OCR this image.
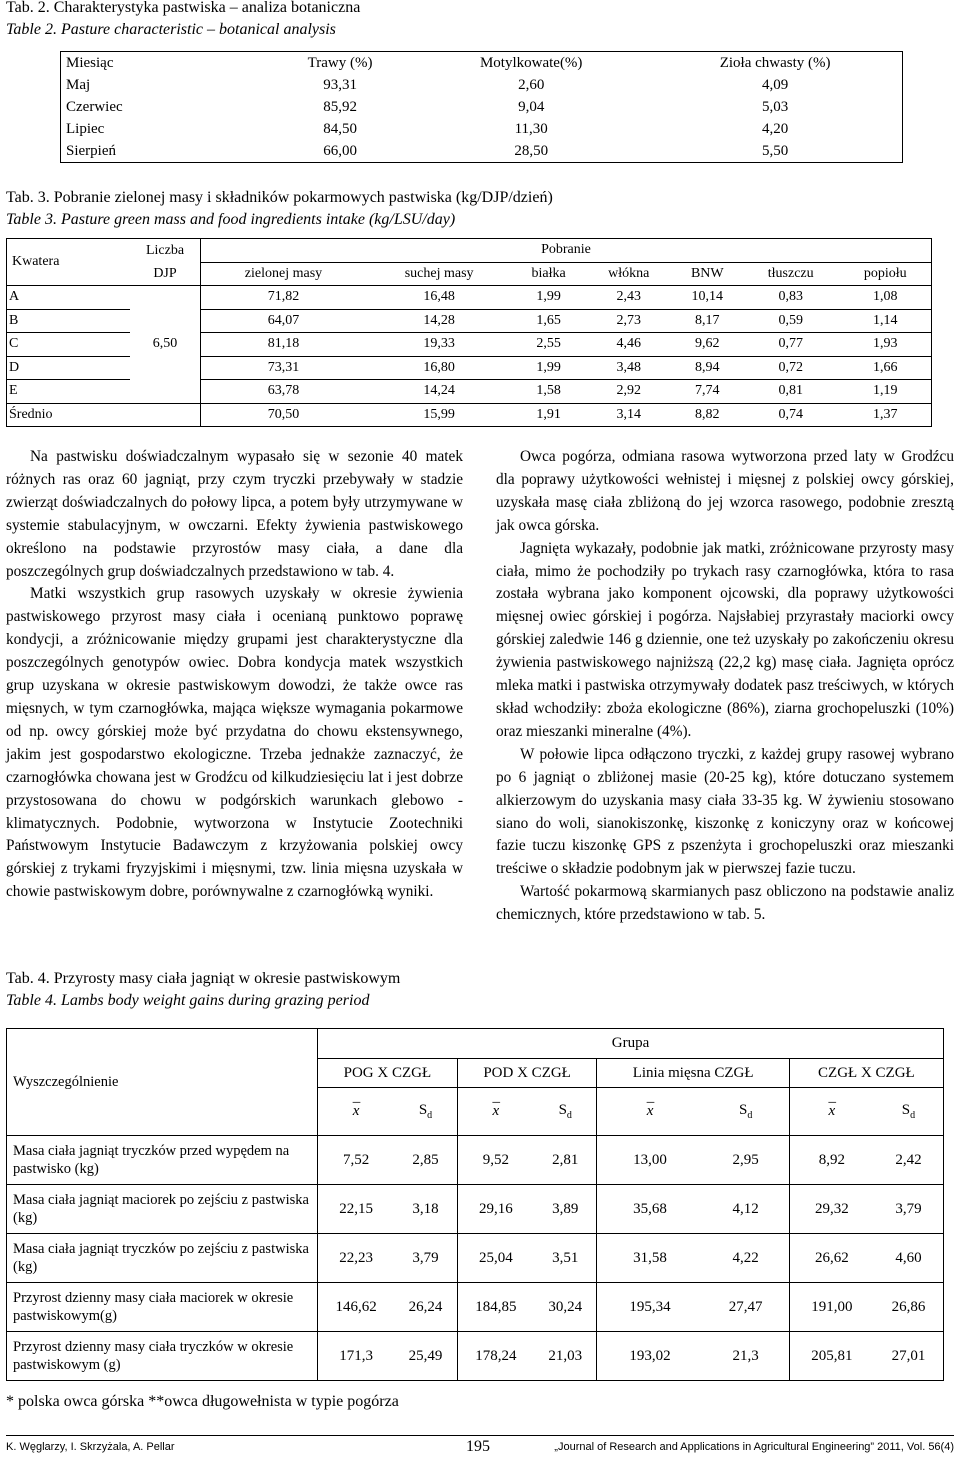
Tab. 2. Charakterystyka pastwiska – analiza botaniczna
Table 2. Pasture characteristic – botanical analysis
Miesiąc	Trawy (%)	Motylkowate(%)	Zioła chwasty (%)
Maj	93,31	2,60	4,09
Czerwiec	85,92	9,04	5,03
Lipiec	84,50	11,30	4,20
Sierpień	66,00	28,50	5,50
Tab. 3. Pobranie zielonej masy i składników pokarmowych pastwiska (kg/DJP/dzień)
Table 3. Pasture green mass and food ingredients intake (kg/LSU/day)
Kwatera	Liczba	Pobranie						
	DJP	zielonej masy	suchej masy	białka	włókna	BNW	tłuszczu	popiołu
A	6,50	71,82	16,48	1,99	2,43	10,14	0,83	1,08
B		64,07	14,28	1,65	2,73	8,17	0,59	1,14
C		81,18	19,33	2,55	4,46	9,62	0,77	1,93
D		73,31	16,80	1,99	3,48	8,94	0,72	1,66
E		63,78	14,24	1,58	2,92	7,74	0,81	1,19
Średnio		70,50	15,99	1,91	3,14	8,82	0,74	1,37

Na pastwisku doświadczalnym wypasało się w sezonie 40 matek różnych ras oraz 60 jagniąt, przy czym tryczki przebywały w stadzie zwierząt doświadczalnych do połowy lipca, a potem były utrzymywane w systemie stabulacyjnym, w owczarni. Efekty żywienia pastwiskowego określono na podstawie przyrostów masy ciała, a dane dla poszczególnych grup doświadczalnych przedstawiono w tab. 4.

Matki wszystkich grup rasowych uzyskały w okresie żywienia pastwiskowego przyrost masy ciała i ocenianą punktowo poprawę kondycji, a zróżnicowanie między grupami jest charakterystyczne dla poszczególnych genotypów owiec. Dobra kondycja matek wszystkich grup uzyskana w okresie pastwiskowym dowodzi, że także owce ras mięsnych, w tym czarnogłówka, mająca większe wymagania pokarmowe od np. owcy górskiej może być przydatna do chowu ekstensywnego, jakim jest gospodarstwo ekologiczne. Trzeba jednakże zaznaczyć, że czarnogłówka chowana jest w Grodźcu od kilkudziesięciu lat i jest dobrze przystosowana do chowu w podgórskich warunkach glebowo - klimatycznych. Podobnie, wytworzona w Instytucie Zootechniki Państwowym Instytucie Badawczym z krzyżowania polskiej owcy górskiej z trykami fryzyjskimi i mięsnymi, tzw. linia mięsna uzyskała w chowie pastwiskowym dobre, porównywalne z czarnogłówką wyniki.

Owca pogórza, odmiana rasowa wytworzona przed laty w Grodźcu dla poprawy użytkowości wełnistej i mięsnej z polskiej owcy górskiej, uzyskała masę ciała zbliżoną do jej wzorca rasowego, podobnie zresztą jak owca górska.

Jagnięta wykazały, podobnie jak matki, zróżnicowane przyrosty masy ciała, mimo że pochodziły po trykach rasy czarnogłówka, która to rasa została wybrana jako komponent ojcowski, dla poprawy użytkowości mięsnej owiec górskiej i pogórza. Najsłabiej przyrastały maciorki owcy górskiej zaledwie 146 g dziennie, one też uzyskały po zakończeniu okresu żywienia pastwiskowego najniższą (22,2 kg) masę ciała. Jagnięta oprócz mleka matki i pastwiska otrzymywały dodatek pasz treściwych, w których skład wchodziły: zboża ekologiczne (86%), ziarna grochopeluszki (10%) oraz mieszanki mineralne (4%).

W połowie lipca odłączono tryczki, z każdej grupy rasowej wybrano po 6 jagniąt o zbliżonej masie (20-25 kg), które dotuczano systemem alkierzowym do uzyskania masy ciała 33-35 kg. W żywieniu stosowano siano do woli, sianokiszonkę, kiszonkę z koniczyny oraz w końcowej fazie tuczu kiszonkę GPS z pszenżyta i grochopeluszki oraz mieszanki treściwe o składzie podobnym jak w pierwszej fazie tuczu.

Wartość pokarmową skarmianych pasz obliczono na podstawie analiz chemicznych, które przedstawiono w tab. 5.

Tab. 4. Przyrosty masy ciała jagniąt w okresie pastwiskowym
Table 4. Lambs body weight gains during grazing period
Wyszczególnienie	Grupa							
	POG X CZGŁ		POD X CZGŁ		Linia mięsna CZGŁ		CZGŁ X CZGŁ	
	_ x	$S_d$	_ x	$S_d$	_ x	$S_d$	_ x	$S_d$
Masa ciała jagniąt tryczków przed wypędem na pastwisko (kg)	7,52	2,85	9,52	2,81	13,00	2,95	8,92	2,42
Masa ciała jagniąt maciorek po zejściu z pastwiska (kg)	22,15	3,18	29,16	3,89	35,68	4,12	29,32	3,79
Masa ciała jagniąt tryczków po zejściu z pastwiska (kg)	22,23	3,79	25,04	3,51	31,58	4,22	26,62	4,60
Przyrost dzienny masy ciała maciorek w okresie pastwiskowym(g)	146,62	26,24	184,85	30,24	195,34	27,47	191,00	26,86
Przyrost dzienny masy ciała tryczków w okresie pastwiskowym (g)	171,3	25,49	178,24	21,03	193,02	21,3	205,81	27,01
* polska owca górska **owca długowełnista w typie pogórza
K. Węglarzy, I. Skrzyżala, A. Pellar	195	„Journal of Research and Applications in Agricultural Engineering” 2011, Vol. 56(4)
